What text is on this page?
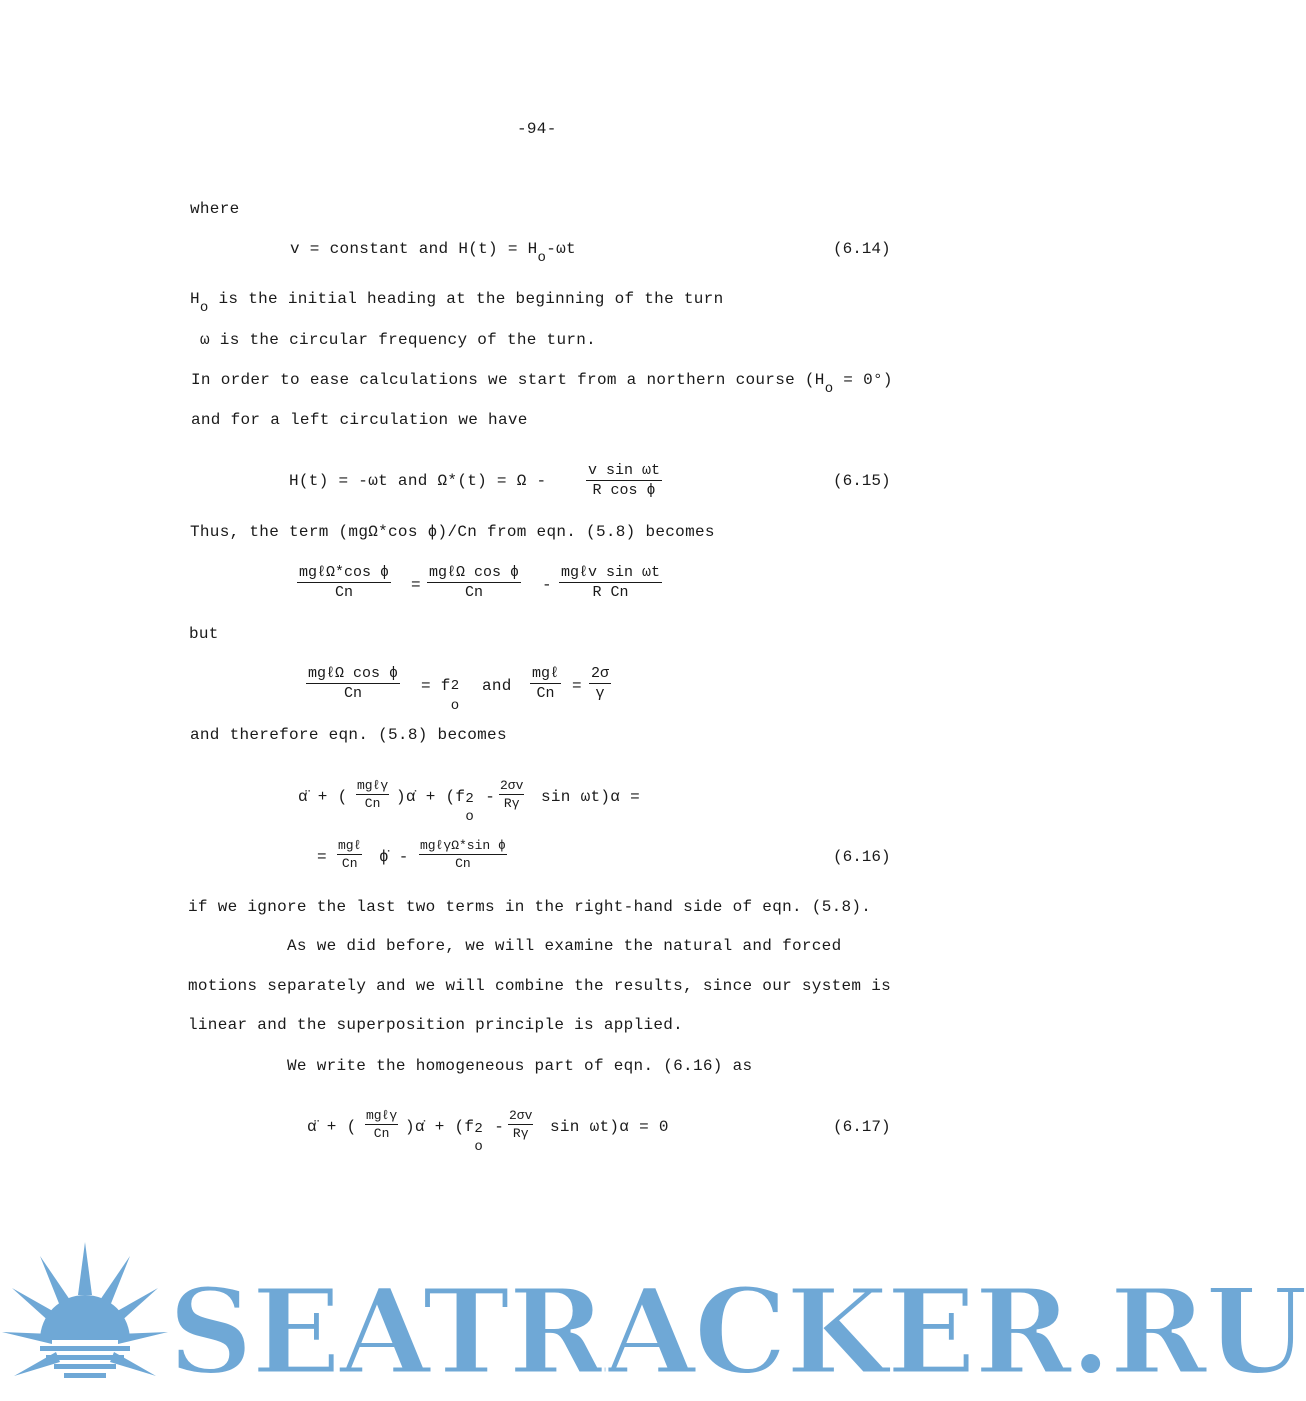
-94-
where
v = constant and H(t) = Ho-ωt	(6.14)
Ho is the initial heading at the beginning of the turn
ω is the circular frequency of the turn.
In order to ease calculations we start from a northern course (Ho = 0°)
and for a left circulation we have
H(t) = -ωt and Ω*(t) = Ω -	$\frac{\text{v sin ωt}}{\text{R cos ϕ}}$	(6.15)
Thus, the term (mgΩ*cos ϕ)/Cn from eqn. (5.8) becomes
mgℓΩ*cos ϕ
Cn	=
mgℓΩ cos ϕ
Cn	-
mgℓv sin ωt
R Cn
but
mgℓΩ cos ϕ
Cn	= f 2
o
and
mgℓ
Cn	= $\frac{2\sigma}{\gamma}$
and therefore eqn. (5.8) becomes
α̈ + (
mgℓγ
Cn )α̇ + (f 2
o
- $\frac{2\sigma v}{R\gamma}$ sin ωt)α =
=
mgℓ
Cn	ϕ̇ -
mgℓγΩ*sin ϕ
Cn	(6.16)
if we ignore the last two terms in the right-hand side of eqn. (5.8).
As we did before, we will examine the natural and forced
motions separately and we will combine the results, since our system is
linear and the superposition principle is applied.
We write the homogeneous part of eqn. (6.16) as
α̈ + (
mgℓγ
Cn )α̇ + (f 2
o
- $\frac{2\sigma v}{R\gamma}$ sin ωt)α = 0	(6.17)
SEATRACKER.RU
